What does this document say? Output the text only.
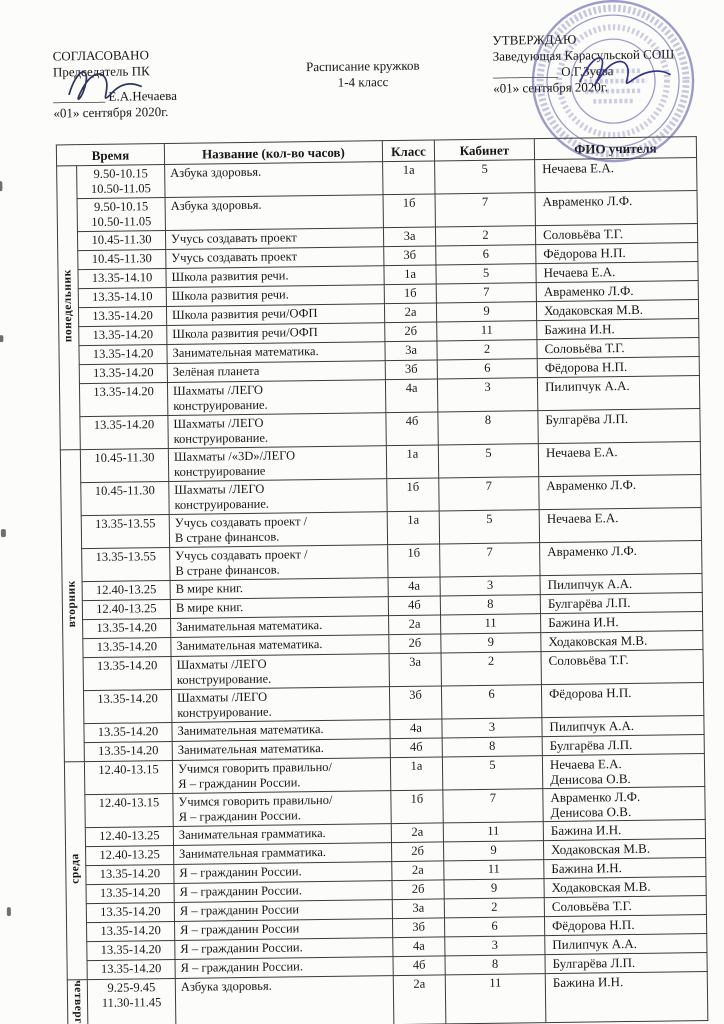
СОГЛАСОВАНО
Председатель ПК
________ Е.А.Нечаева
«01» сентября 2020г.
Расписание кружков
1-4 класс
УТВЕРЖДАЮ
Заведующая Карасульской СОШ
__________ О.Г.Зуева
«01» сентября 2020г.
Время		Название (кол-во часов)	Класс	Кабинет	ФИО учителя
понедельник	9.50-10.15
10.50-11.05	Азбука здоровья.	1а	5	Нечаева Е.А.
	9.50-10.15
10.50-11.05	Азбука здоровья.	1б	7	Авраменко Л.Ф.
	10.45-11.30	Учусь создавать проект	3а	2	Соловьёва Т.Г.
	10.45-11.30	Учусь создавать проект	3б	6	Фёдорова Н.П.
	13.35-14.10	Школа развития речи.	1а	5	Нечаева Е.А.
	13.35-14.10	Школа развития речи.	1б	7	Авраменко Л.Ф.
	13.35-14.20	Школа развития речи/ОФП	2а	9	Ходаковская М.В.
	13.35-14.20	Школа развития речи/ОФП	2б	11	Бажина И.Н.
	13.35-14.20	Занимательная математика.	3а	2	Соловьёва Т.Г.
	13.35-14.20	Зелёная планета	3б	6	Фёдорова Н.П.
	13.35-14.20	Шахматы /ЛЕГО
конструирование.	4а	3	Пилипчук А.А.
	13.35-14.20	Шахматы /ЛЕГО
конструирование.	4б	8	Булгарёва Л.П.
вторник	10.45-11.30	Шахматы /«3D»/ЛЕГО
конструирование	1а	5	Нечаева Е.А.
	10.45-11.30	Шахматы /ЛЕГО
конструирование.	1б	7	Авраменко Л.Ф.
	13.35-13.55	Учусь создавать проект /
В стране финансов.	1а	5	Нечаева Е.А.
	13.35-13.55	Учусь создавать проект /
В стране финансов.	1б	7	Авраменко Л.Ф.
	12.40-13.25	В мире книг.	4а	3	Пилипчук А.А.
	12.40-13.25	В мире книг.	4б	8	Булгарёва Л.П.
	13.35-14.20	Занимательная математика.	2а	11	Бажина И.Н.
	13.35-14.20	Занимательная математика.	2б	9	Ходаковская М.В.
	13.35-14.20	Шахматы /ЛЕГО
конструирование.	3а	2	Соловьёва Т.Г.
	13.35-14.20	Шахматы /ЛЕГО
конструирование.	3б	6	Фёдорова Н.П.
	13.35-14.20	Занимательная математика.	4а	3	Пилипчук А.А.
	13.35-14.20	Занимательная математика.	4б	8	Булгарёва Л.П.
среда	12.40-13.15	Учимся говорить правильно/
Я – гражданин России.	1а	5	Нечаева Е.А.
Денисова О.В.
	12.40-13.15	Учимся говорить правильно/
Я – гражданин России.	1б	7	Авраменко Л.Ф.
Денисова О.В.
	12.40-13.25	Занимательная грамматика.	2а	11	Бажина И.Н.
	12.40-13.25	Занимательная грамматика.	2б	9	Ходаковская М.В.
	13.35-14.20	Я – гражданин России.	2а	11	Бажина И.Н.
	13.35-14.20	Я – гражданин России.	2б	9	Ходаковская М.В.
	13.35-14.20	Я – гражданин России	3а	2	Соловьёва Т.Г.
	13.35-14.20	Я – гражданин России	3б	6	Фёдорова Н.П.
	13.35-14.20	Я – гражданин России.	4а	3	Пилипчук А.А.
	13.35-14.20	Я – гражданин России.	4б	8	Булгарёва Л.П.
четверг	9.25-9.45
11.30-11.45	Азбука здоровья.	2а	11	Бажина И.Н.
